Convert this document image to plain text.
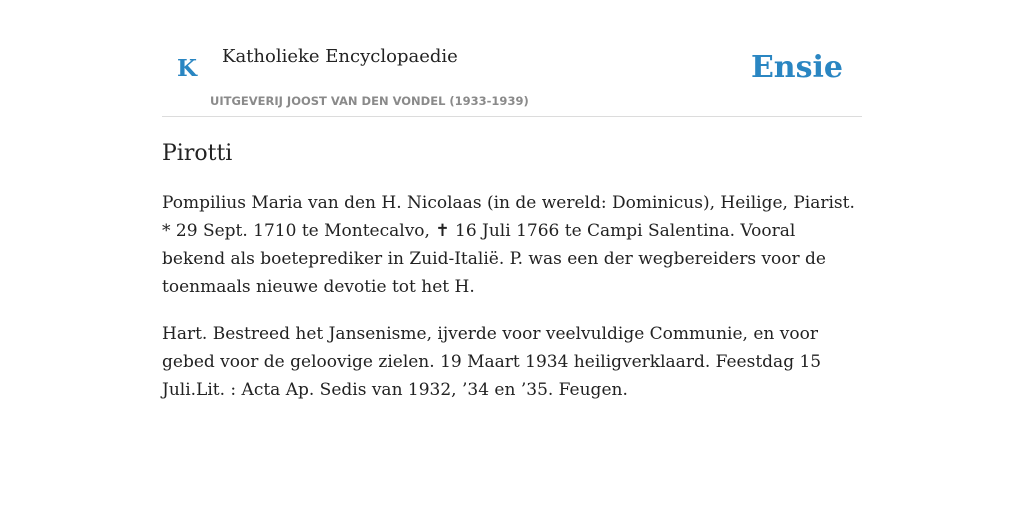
K Katholieke Encyclopaedie
UITGEVERIJ JOOST VAN DEN VONDEL (1933-1939)
Ensie
Pirotti

Pompilius Maria van den H. Nicolaas (in de wereld: Dominicus), Heilige, Piarist. * 29 Sept. 1710 te Montecalvo, ✝ 16 Juli 1766 te Campi Salentina. Vooral bekend als boeteprediker in Zuid-Italië. P. was een der wegbereiders voor de toenmaals nieuwe devotie tot het H.

Hart. Bestreed het Jansenisme, ijverde voor veelvuldige Communie, en voor gebed voor de geloovige zielen. 19 Maart 1934 heiligverklaard. Feestdag 15 Juli.Lit. : Acta Ap. Sedis van 1932, ’34 en ’35. Feugen.
